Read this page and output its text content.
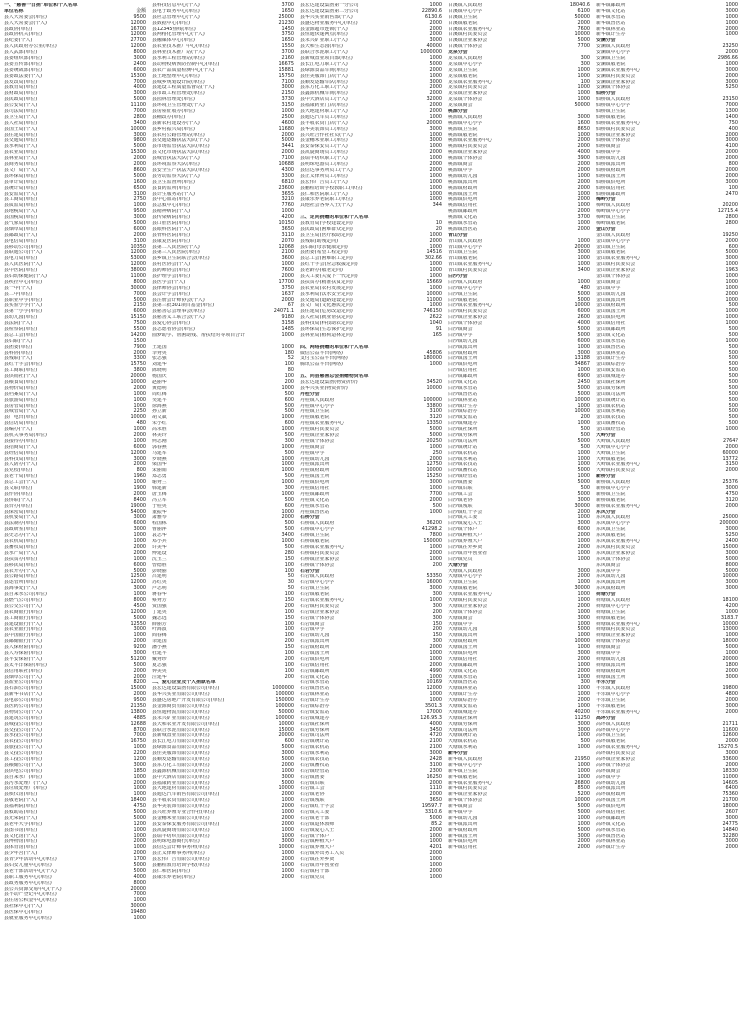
一、"慈善一日捐"单位和个人名单
单位名称	金额
县人大常委会(单位)	9500
县人大常委会(个人)	12000
县政协(单位)	16700
县政协机关(单位)	12000
县纪委(个人)	27700
县人民政府办公室(单位)	12000
县人武部(单位)	8000
县委组织部(单位)	3000
县委宣传部(单位)	2400
县委统战部(单位)	6000
县委政法委(个人)	15300
县发改局(单位)	7000
县教育局(单位)	4000
县财政局(单位)	3000
县民政局(单位)	5000
县公安局(个人)	11100
县司法局(单位)	7000
县卫生局(个人)	2800
县人社局(单位)	3400
县国土局(个人)	10000
县住建局(单位)	3000
县交通局(单位)	9800
县水利局(个人)	5000
县农业局(单位)	15300
县林业局(个人)	2000
县商务局(单位)	2000
县文广局(个人)	8600
县环保局(单位)	5000
县审计局(单位)	1600
县统计局(单位)	6500
县安监局(个人)	3100
县工商局(单位)	2750
县质监局(单位)	1000
县地税局(个人)	9500
县国税局(单位)	3000
县气象局(单位)	5000
县烟草局(单位)	6000
县邮政局(个人)	2000
县电信局(单位)	3100
县移动公司(单位)	10350
县联通公司(个人)	12000
县电力局(单位)	53000
县人民医院(个人)	12000
县中医院(单位)	38000
县妇幼保健院(个人)	11000
县疾控中心(单位)	8000
县一中(个人)	30000
县二中(单位)	7000
县职业中学(单位)	5000
县实验小学(个人)	2150
县第一小学(单位)	6000
县幼儿园(单位)	15150
县法院(个人)	7500
县检察院(单位)	5500
县总工会(单位)	14200
县妇联(个人)	1500
县团委(单位)	7900
县科协(单位)	2000
县残联(个人)	3300
县红十字会(单位)	15750
县工商联(单位)	3800
县供销社(个人)	20000
县粮食局(单位)	10000
县物价局(单位)	2000
县档案局(个人)	1000
县旅游局(单位)	1000
县房管局(单位)	1000
县城管局(个人)	2250
县广电台(单位)	10000
县信访局(单位)	480
县编办(个人)	1000
县机关事务局(单位)	2000
县接待办(单位)	1000
县招商局(个人)	6000
县经信局(单位)	12000
县科技局(单位)	3000
县人防办(个人)	2000
县党校(单位)	800
县老干局(单位)	1960
县总工会(个人)	1000
县文联(单位)	1900
县作协(单位)	2000
县侨联(个人)	8400
县台办(单位)	19000
县保密局(单位)	54000
县机要局(个人)	3000
县法制办(单位)	6000
县政研室(单位)	3000
县史志办(个人)	1000
县农机局(单位)	1000
县畜牧局(单位)	2000
县水产局(个人)	2000
县扶贫办(单位)	1000
县移民局(单位)	6000
县农开办(个人)	5000
县公路局(单位)	12500
县运管所(单位)	12000
县海事处(个人)	3000
县自来水公司(单位)	1000
县燃气公司(单位)	8000
县公交公司(个人)	4500
县农商银行(单位)	12000
县工商银行(单位)	5000
县建设银行(个人)	12550
县农业银行(单位)	3000
县中国银行(单位)	1000
县邮储银行(个人)	2000
县人保财险(单位)	9200
县人寿保险(单位)	3000
县平安保险(个人)	51200
县太平洋保险(单位)	5000
县信用联社(单位)	2000
县烟草公司(个人)	2000
县盐业公司(单位)	8200
县石油公司(单位)	15000
县新华书店(个人)	2000
县电影公司(单位)	9500
县医药公司(单位)	21350
县物资公司(个人)	13800
县建筑公司(单位)	4885
县城投公司(单位)	12688
县交投公司(个人)	8700
县水投公司(单位)	7000
县农投公司(单位)	16750
县旅投公司(个人)	1000
县文投公司(单位)	2200
县工投公司(单位)	1200
县粮储公司(个人)	3000
县供电公司(单位)	1850
县自来水厂(单位)	1000
县污水处理厂(个人)	2000
县垃圾处理厂(单位)	1000
县殡仪馆(单位)	1000
县敬老院(个人)	18400
县福利院(单位)	4750
县救助站(单位)	5000
县光荣院(个人)	5000
县老年大学(单位)	1200
县图书馆(单位)	1000
县文化馆(个人)	1000
县博物馆(单位)	2000
县体育馆(单位)	1000
县少年宫(个人)	2000
县青少年活动中心(单位)	1700
县妇女儿童中心(单位)	5000
县老干部活动中心(个人)	5000
县职工服务中心(单位)	4000
县政务服务中心(单位)	8000
县公共资源交易中心(个人)	20000
县不动产登记中心(单位)	7000
县住房公积金中心(单位)	1000
县社保中心(个人)	30000
县医保中心(单位)	19480
县就业服务中心(单位)	1000
县科技信息中心(个人)	3700
县电子政务中心(单位)	1650
县应急管理中心(个人)	25000
县数据中心(单位)	21230
县12345热线(单位)	1450
县网格化管理中心(个人)	3750
县融媒体中心(单位)	1650
县农业技术推广中心(单位)	1550
县林业技术推广站(个人)	3700
县水利工程管理站(单位)	2160
县动物疫病预防控制中心(单位)	16675
县农产品质量检测中心(个人)	15881
县土地整理中心(单位)	15750
县城乡规划设计院(单位)	7100
县建设工程质量监督站(个人)	3000
县市政工程管理处(单位)	2150
县园林管理处(单位)	3730
县环境卫生管理处(个人)	3150
县房屋征收办(单位)	1000
县棚改办(单位)	2500
县新农村建设办(个人)	4600
县乡村振兴局(单位)	11680
县农村公路管理站(单位)	2000
县交通运输执法大队(个人)	5000
县市场监管执法大队(单位)	3441
县文化市场执法大队(单位)	2000
县城管执法大队(个人)	7100
县环境监察大队(单位)	10688
县安全生产执法大队(单位)	4300
县劳动监察大队(个人)	3300
县卫生监督所(单位)	6810
县食药监所(单位)	23600
县计生服务站(个人)	3655
县中心血站(单位)	3210
县急救中心(单位)	7760
县精神病院(个人)	1000
县传染病院(单位)	4200
县口腔医院(单位)	10150
县眼科医院(个人)	3650
县骨科医院(单位)	3110
县康复医院(单位)	2070
县第二人民医院(个人)	12068
县第三人民医院(单位)	2100
县乡镇卫生院联合会(单位)	3600
县村医协会(个人)	1000
县药师协会(单位)	7600
县护理学会(单位)	2000
县医学会(个人)	17700
县律师协会(单位)	3750
县会计学会(单位)	1637
县注册会计师协会(个人)	2000
县第三批301项目基金(单位)	67
县慈善总会理事会(单位)	24071.1
县慈善义工联合会(个人)	9180
县爱心协会(单位)	3158
县志愿者协会(单位)	1485
圆梦助学、帮困助残、帮扶结对等项目合计	1000
王建国	1000
李秀英	180
张志强	52
刘建华	100
陈晓明	80
杨国庆	100
赵丽华	200
黄德明	1000
周红梅	500
吴建平	600
徐海燕	500
孙立新	500
胡文斌	1000
朱小红	600
高永胜	1000
林美玲	500
何志刚	300
郭春燕	1000
马建军	500
罗晓燕	1000
梁国华	1000
宋丽娟	1000
郑志勇	500
谢秀兰	1000
韩建新	300
唐玉梅	1000
冯立军	500
于桂英	600
董振华	1000
萧雅琴	2000
程国栋	500
曹丽萍	500
袁志华	3400
邓小兵	1000
许美华	500
傅建设	280
沈玉兰	150
曾德胜	100
彭晓丽	100
吕建明	50
苏红英	30
卢志明	50
蒋春华	100
蔡秀芳	150
贾国强	200
丁建英	100
魏志远	150
薛丽芳	100
叶海波	100
阎春梅	100
余建国	200
潘小燕	150
杜建平	100
戴秀珍	200
夏志强	100
钟美英	100
汪建华	200
二、爱心企业及个人捐款名单
县宏达建设集团有限公司(单位)	1000000
县华兴实业有限公司(单位)	100000
县盛达房地产开发有限公司(单位)	150000
县金源商贸有限公司(单位)	100000
县恒通物流有限公司(单位)	50000
县永兴矿业有限公司(单位)	100000
县天和农业开发有限公司(单位)	10000
县联合水泥有限公司(单位)	15000
县新城置业有限公司(单位)	20000
县长江电力有限公司(单位)	600
县绿源食品有限公司(单位)	5000
县佳美服饰有限公司(单位)	3000
县顺发运输有限公司(单位)	5000
县东方化工有限公司(单位)	2000
县鑫源机械有限公司(单位)	1000
县中天酒店有限公司(单位)	3000
县福康药业有限公司(单位)	5000
县大地建材有限公司(单位)	10000
县通达汽车销售有限公司(单位)	2000
县丰收农资有限公司(单位)	1000
县华美装饰有限公司(单位)	2000
县兴旺养殖专业合作社(单位)	1000
县金穗米业有限公司(单位)	2000
县安泰保安服务有限公司(单位)	2000
县凯旋商场有限公司(单位)	1000
县瑞丰纺织有限公司(单位)	1000
县明珠电器商行(单位)	3000
县信达会计师事务所(单位)	10000
县正义律师事务所(单位)	1000
县宏伟广告有限公司(单位)	2000
县鹏程教育培训学校(单位)	1000
县仁和医院(单位)	1000
县康乐养老院(单位)	2000
县宏达建设集团第一分公司	1000
县宏达建设集团第二分公司	22890.6
县华兴实业销售部(个人)	6130.6
县盛达物业服务中心(单位)	2000
县金源超市连锁(个人)	2000
县恒通快递网点(单位)	2000
县永兴矿业职工(个人)	3000
县天和生态园(单位)	40000
县联合水泥职工(个人)	1000000
县新城置业项目部(单位)	1000
县长江电力职工(个人)	5000
县绿源食品车间(单位)	2000
县佳美服饰门店(个人)	1000
县顺发运输车队(单位)	3000
县东方化工职工(个人)	2000
县鑫源机械车间(单位)	2000
县中天酒店员工(个人)	32000
县福康药业门店(单位)	2000
县大地建材职工(个人)	2000
县通达汽车员工(单位)	1000
县丰收农资门店(个人)	20000
县华美装饰员工(单位)	3000
县兴旺合作社社员(个人)	1000
县金穗米业职工(单位)	3000
县安泰保安员工(个人)	1000
县凯旋商场员工(单位)	2000
县瑞丰纺织职工(个人)	1000
县明珠电器员工(单位)	2000
县信达事务所员工(个人)	2000
县正义律所员工(单位)	1000
县宏伟广告员工(个人)	1000
县鹏程培训学校教职工(单位)	1000
县仁和医院职工(个人)	1000
县康乐养老院职工(单位)	1000
其他社会各界人士(个人)	344
三、定向捐赠的单位和个人名单
县教育局(学校建设定向)	10
县民政局(困难群众定向)	20
县卫生局(医疗救助定向)	1000
县残联(助残定向)	2000
县妇联(母亲健康定向)	1000
县团委(希望工程定向)	14516
县总工会(困难职工定向)	302.66
县红十字会(应急救援定向)	1000
县老龄办(敬老定向)	1000
县关工委(关爱下一代定向)	1000
县扶贫办(精准扶贫定向)	15669
县农业局(农村发展定向)	1000
县水利局(饮水安全定向)	10000
县交通局(道路建设定向)	11000
县文广局(文化惠民定向)	1000
县住建局(危房改造定向)	746150
县人社局(就业帮扶定向)	2622
县科技局(科技助农定向)	1040
县环保局(生态保护定向)	91
县林业局(植树造林定向)	165
四、网络捐赠的单位和个人名单
微信公益平台(网络)	45806
支付宝公益平台(网络)	180000
腾讯公益平台(网络)	1000
五、向县慈善总会捐赠物资名单
县宏达建设集团(物资折价)	34520
县华兴实业(物资折价)	10000
丹桂分会
丹桂镇人民政府	100000
丹桂镇中心小学	33800
丹桂镇卫生院	3100
丹桂镇敬老院	3120
丹桂镇农业服务中心	13350
丹桂镇村民委员会	5000
丹桂镇企业家协会	5000
丹桂镇个体协会	20250
丹桂镇商会	1000
丹桂镇中学	250
丹桂镇幼儿园	2000
丹桂镇派出所	12750
丹桂镇财政所	10000
丹桂镇国土所	15250
丹桂镇供电所	3000
丹桂镇信用社	1000
丹桂镇邮政所	7700
丹桂镇文化站	2000
丹桂镇水管站	500
丹桂镇兽医站	1000
石桥分会
石桥镇人民政府	36200
石桥镇中心小学	41298.2
石桥镇卫生院	7800
石桥镇敬老院	150000
石桥镇农业服务中心	1000
石桥镇村民委员会	2000
石桥镇企业家协会	1000
石桥镇个体协会	200
石岩分会
石岩镇人民政府	53350
石岩镇中心小学	16000
石岩镇卫生院	3000
石岩镇敬老院	300
石岩镇农业服务中心	1000
石岩镇村民委员会	300
石岩镇企业家协会	200
石岩镇个体协会	300
石岩镇商会	150
石岩镇中学	200
石岩镇幼儿园	150
石岩镇派出所	300
石岩镇财政所	2000
石岩镇国土所	1000
石岩镇供电所	1000
石岩镇信用社	2000
石岩镇邮政所	4990
石岩镇文化站	1000
石岩镇水管站	10169
石岩镇兽医站	12000
石岩镇林业站	1000
石岩镇计生办	1000
石岩镇综治办	3501.3
石岩镇安监站	17000
石岩镇城建办	126.95.3
石岩镇社保所	4000
石岩镇劳保所	3450
石岩镇司法所	4720
石岩镇统计站	2100
石岩镇农机站	2100
石岩镇水利站	3000
石岩镇农技站	2428
石岩镇畜牧站	3100
石岩镇经管站	2300
石岩镇团委	16250
石岩镇妇联	2000
石岩镇工会	1110
石岩镇老协	2000
石岩镇残联	3650
石岩镇红十字会	19597.7
石岩镇关工委	3310.6
石岩镇老干部	5000
石岩镇退休教师	85.2
石岩镇爱心人士	2000
石岩镇个体户	1000
石岩镇种植大户	1000
石岩镇养殖大户	4201
石岩镇外出务工人员	2000
石岩镇在外乡贤	1000
石岩镇青年创业者	1000
石岩镇村干部	2000
石岩镇党员	1000
甘溪镇人民政府	18040.6
甘溪镇中心小学	6100
甘溪镇卫生院	50000
甘溪镇敬老院	2000
甘溪镇农业服务中心	7600
甘溪镇村民委员会	10000
甘溪镇企业家协会	5000
甘溪镇个体协会	7700
龙泉分会
龙泉镇人民政府	300
龙泉镇中心小学	300
龙泉镇卫生院	1000
龙泉镇敬老院	1000
龙泉镇农业服务中心	100
龙泉镇村民委员会	1000
龙泉镇企业家协会	1000
龙泉镇个体协会	1000
龙泉镇商会	50000
桃源分会
桃源镇人民政府	3000
桃源镇中心小学	1600
桃源镇卫生院	8650
桃源镇敬老院	1000
桃源镇农业服务中心	2000
桃源镇村民委员会	2000
桃源镇企业家协会	4000
桃源镇个体协会	3900
桃源镇商会	2000
桃源镇中学	2000
桃源镇幼儿园	1000
桃源镇派出所	2000
桃源镇财政所	2000
桃源镇国土所	1000
桃源镇供电所	2000
桃源镇信用社	1000
桃源镇邮政所	2000
桃源镇文化站	3700
桃源镇水管站	1000
桃源镇兽医站	2000
青山分会
青山镇人民政府	1000
青山镇中心小学	20000
青山镇卫生院	3000
青山镇敬老院	1000
青山镇农业服务中心	1000
青山镇村民委员会	3400
白沙分会
白沙镇人民政府	1000
白沙镇中心小学	480
白沙镇卫生院	5000
白沙镇敬老院	5000
白沙镇农业服务中心	10000
白沙镇村民委员会	6000
白沙镇企业家协会	2600
白沙镇个体协会	4000
白沙镇商会	5000
白沙镇中学	5000
白沙镇幼儿园	6000
白沙镇派出所	1000
白沙镇财政所	3000
白沙镇国土所	13188
白沙镇供电所	34867
白沙镇信用社	1000
白沙镇邮政所	6900
白沙镇文化站	2450
白沙镇水管站	5000
白沙镇兽医站	5000
白沙镇林业站	10000
白沙镇计生办	1000
白沙镇综治办	10000
白沙镇安监站	200
白沙镇城建办	1000
白沙镇社保所	500
白沙镇劳保所	500
白沙镇司法所	5000
白沙镇统计站	500
白沙镇农机站	1000
白沙镇水利站	1000
白沙镇农技站	1000
白沙镇畜牧站	5000
白沙镇经管站	1000
白沙镇团委	5000
白沙镇妇联	500
白沙镇工会	5000
白沙镇老协	3000
白沙镇残联	30000
白沙镇红十字会	2000
白沙镇关工委	1000
白沙镇爱心人士	3000
白沙镇个体户	6000
白沙镇种植大户	2000
白沙镇养殖大户	1000
白沙镇在外乡贤	2000
白沙镇青年创业者	1000
白沙镇党员	1000
大塘分会
大塘镇人民政府	3000
大塘镇中心小学	2000
大塘镇卫生院	1000
大塘镇敬老院	30000
大塘镇农业服务中心	1000
大塘镇村民委员会	1000
大塘镇企业家协会	2000
大塘镇个体协会	1000
大塘镇商会	3000
大塘镇中学	1000
大塘镇幼儿园	5000
大塘镇派出所	1000
大塘镇财政所	10000
大塘镇国土所	1000
大塘镇供电所	3000
大塘镇信用社	2000
大塘镇邮政所	1000
大塘镇文化站	2000
大塘镇水管站	1000
大塘镇兽医站	300
大塘镇林业站	1000
大塘镇计生办	1000
大塘镇综治办	2000
大塘镇安监站	1000
大塘镇城建办	40200
大塘镇社保所	11250
大塘镇劳保所	3000
大塘镇司法所	3000
大塘镇统计站	1000
大塘镇农机站	500
大塘镇水利站	1000
新华分会
新华镇人民政府	21950
新华镇中心小学	1000
新华镇卫生院	1000
新华镇敬老院	1000
新华镇农业服务中心	26800
新华镇村民委员会	8500
新华镇企业家协会	5200
新华镇个体协会	10000
新华镇商会	5000
新华镇中学	5000
新华镇幼儿园	1000
新华镇派出所	1000
新华镇财政所	5000
新华镇国土所	3000
新华镇供电所	2000
新华镇信用社	2000
新华镇邮政所	1000
新华镇文化站	3000
新华镇水管站	1000
新华镇兽医站	1000
新华镇林业站	2000
新华镇计生办	1000
安澜分会
安澜镇人民政府	23250
安澜镇中心小学	2000
安澜镇卫生院	2986.66
安澜镇敬老院	1000
安澜镇农业服务中心	3000
安澜镇村民委员会	2000
安澜镇企业家协会	3000
安澜镇个体协会	5250
仙桥分会
仙桥镇人民政府	23150
仙桥镇中心小学	7000
仙桥镇卫生院	1300
仙桥镇敬老院	1400
仙桥镇农业服务中心	750
仙桥镇村民委员会	400
仙桥镇企业家协会	2000
仙桥镇个体协会	3000
仙桥镇商会	4100
仙桥镇中学	2000
仙桥镇幼儿园	2000
仙桥镇派出所	800
仙桥镇财政所	2000
仙桥镇国土所	2000
仙桥镇供电所	3000
仙桥镇信用社	100
仙桥镇邮政所	2470
梅岭分会
梅岭镇人民政府	20200
梅岭镇中心小学	12715.4
梅岭镇卫生院	2800
梅岭镇敬老院	2800
金山分会
金山镇人民政府	19250
金山镇中心小学	2000
金山镇卫生院	600
金山镇敬老院	5000
金山镇农业服务中心	3000
金山镇村民委员会	1000
金山镇企业家协会	1963
金山镇个体协会	1000
金山镇商会	1000
金山镇中学	1000
金山镇幼儿园	2000
金山镇派出所	1000
金山镇财政所	500
金山镇国土所	1000
金山镇供电所	1000
金山镇信用社	1000
金山镇邮政所	500
金山镇文化站	500
金山镇水管站	1000
金山镇兽医站	500
金山镇林业站	500
金山镇计生办	500
金山镇综治办	500
金山镇安监站	500
金山镇城建办	500
金山镇社保所	500
金山镇劳保所	500
金山镇司法所	500
金山镇统计站	500
金山镇农机站	500
金山镇水利站	500
金山镇农技站	500
金山镇畜牧站	500
金山镇经管站	1000
大岭分会
大岭镇人民政府	2764?
大岭镇中心小学	2000
大岭镇卫生院	60000
大岭镇敬老院	13772
大岭镇农业服务中心	3150
大岭镇村民委员会	2000
新桥分会
新桥镇人民政府	25376
新桥镇中心小学	3000
新桥镇卫生院	4750
新桥镇敬老院	3120
新桥镇农业服务中心	2000
东风分会
东风镇人民政府	25000
东风镇中心小学	200000
东风镇卫生院	3000
东风镇敬老院	5250
东风镇农业服务中心	2400
东风镇村民委员会	15000
东风镇企业家协会	3000
东风镇个体协会	5000
东风镇商会	8000
东风镇中学	5000
东风镇幼儿园	10000
东风镇派出所	3000
东风镇财政所	3000
荷塘分会
荷塘镇人民政府	18100
荷塘镇中心小学	4200
荷塘镇卫生院	1000
荷塘镇敬老院	3183.7
荷塘镇农业服务中心	10000
荷塘镇村民委员会	13000
荷塘镇企业家协会	1000
荷塘镇个体协会	18000
荷塘镇商会	5000
荷塘镇中学	1000
荷塘镇幼儿园	20000
荷塘镇派出所	1800
荷塘镇财政所	2000
荷塘镇国土所	3000
丰乐分会
丰乐镇人民政府	19800
丰乐镇中心小学	4800
丰乐镇卫生院	2000
丰乐镇敬老院	3000
丰乐镇农业服务中心	2000
高坪分会
高坪镇人民政府	21711
高坪镇中心小学	11600
高坪镇卫生院	12600
高坪镇敬老院	2000
高坪镇农业服务中心	15270.5
高坪镇村民委员会	3000
高坪镇企业家协会	33600
高坪镇个体协会	2000
高坪镇商会	18330
高坪镇中学	11000
高坪镇幼儿园	14605
高坪镇派出所	6400
高坪镇财政所	75360
高坪镇国土所	21700
高坪镇供电所	18000
高坪镇信用社	2607
高坪镇邮政所	3000
高坪镇文化站	24775
高坪镇水管站	14840
高坪镇兽医站	32280
高坪镇林业站	3000
高坪镇计生办	2000
